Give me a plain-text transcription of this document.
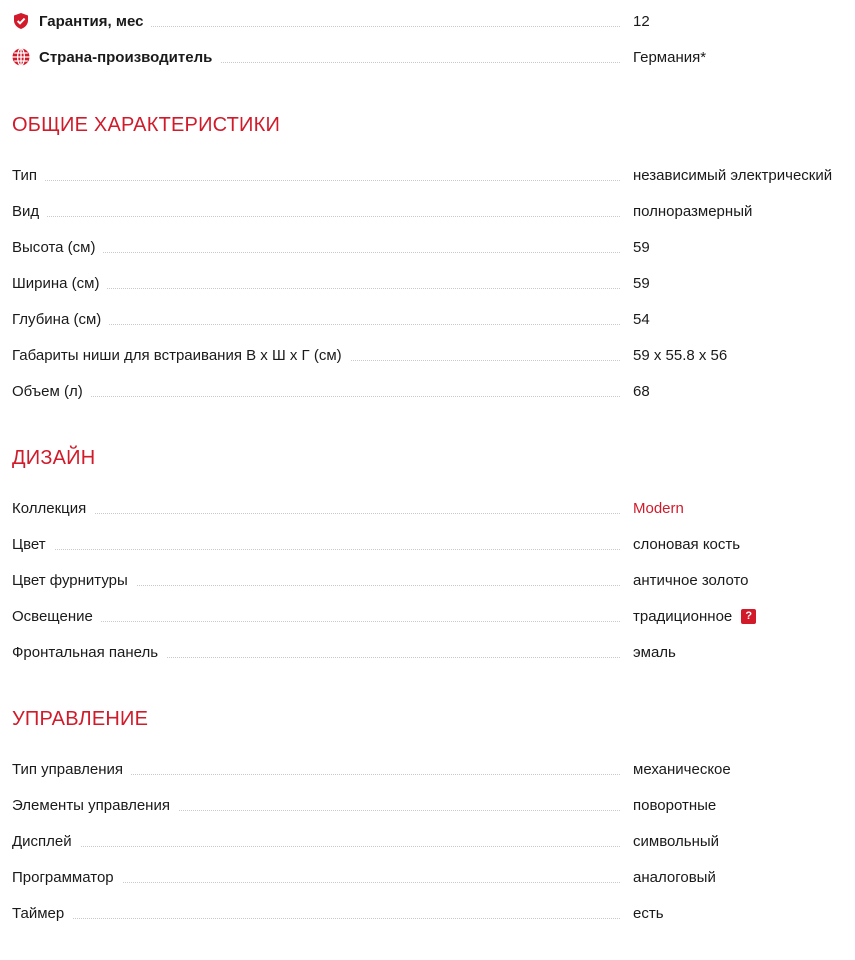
Гарантия, мес	12
Страна-производитель	Германия*
ОБЩИЕ ХАРАКТЕРИСТИКИ
Тип	независимый электрический
Вид	полноразмерный
Высота (см)	59
Ширина (см)	59
Глубина (см)	54
Габариты ниши для встраивания В х Ш х Г (см)	59 x 55.8 x 56
Объем (л)	68
ДИЗАЙН
Коллекция	Modern
Цвет	слоновая кость
Цвет фурнитуры	античное золото
Освещение	традиционное	?
Фронтальная панель	эмаль
УПРАВЛЕНИЕ
Тип управления	механическое
Элементы управления	поворотные
Дисплей	символьный
Программатор	аналоговый
Таймер	есть
